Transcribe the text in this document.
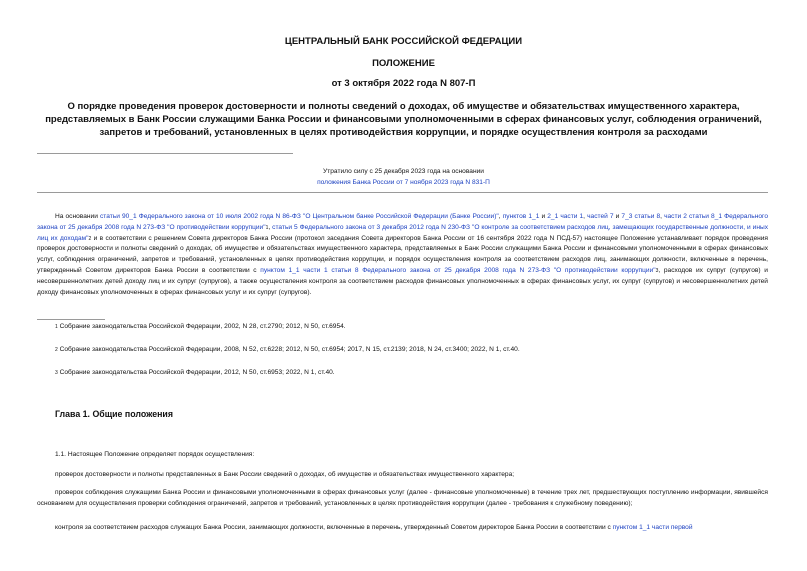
ЦЕНТРАЛЬНЫЙ БАНК РОССИЙСКОЙ ФЕДЕРАЦИИ
ПОЛОЖЕНИЕ
от 3 октября 2022 года N 807-П
О порядке проведения проверок достоверности и полноты сведений о доходах, об имуществе и обязательствах имущественного характера, представляемых в Банк России служащими Банка России и финансовыми уполномоченными в сферах финансовых услуг, соблюдения ограничений, запретов и требований, установленных в целях противодействия коррупции, и порядке осуществления контроля за расходами
Утратило силу с 25 декабря 2023 года на основании
положения Банка России от 7 ноября 2023 года N 831-П
На основании статьи 90_1 Федерального закона от 10 июля 2002 года N 86-ФЗ "О Центральном банке Российской Федерации (Банке России)", пунктов 1_1 и 2_1 части 1, частей 7 и 7_3 статьи 8, части 2 статьи 8_1 Федерального закона от 25 декабря 2008 года N 273-ФЗ "О противодействии коррупции"$^1$, статьи 5 Федерального закона от 3 декабря 2012 года N 230-ФЗ "О контроле за соответствием расходов лиц, замещающих государственные должности, и иных лиц их доходам"$^2$ и в соответствии с решением Совета директоров Банка России (протокол заседания Совета директоров Банка России от 16 сентября 2022 года N ПСД-57) настоящее Положение устанавливает порядок проведения проверок достоверности и полноты сведений о доходах, об имуществе и обязательствах имущественного характера, представляемых в Банк России служащими Банка России и финансовыми уполномоченными в сферах финансовых услуг, соблюдения ограничений, запретов и требований, установленных в целях противодействия коррупции, и порядок осуществления контроля за соответствием расходов лиц, занимающих должности, включенные в перечень, утвержденный Советом директоров Банка России в соответствии с пунктом 1_1 части 1 статьи 8 Федерального закона от 25 декабря 2008 года N 273-ФЗ "О противодействии коррупции"$^3$, расходов их супруг (супругов) и несовершеннолетних детей доходу лиц и их супруг (супругов), а также осуществления контроля за соответствием расходов финансовых уполномоченных в сферах финансовых услуг, их супруг (супругов) и несовершеннолетних детей доходу финансовых уполномоченных в сферах финансовых услуг и их супруг (супругов).
$^1$ Собрание законодательства Российской Федерации, 2002, N 28, ст.2790; 2012, N 50, ст.6954.
$^2$ Собрание законодательства Российской Федерации, 2008, N 52, ст.6228; 2012, N 50, ст.6954; 2017, N 15, ст.2139; 2018, N 24, ст.3400; 2022, N 1, ст.40.
$^3$ Собрание законодательства Российской Федерации, 2012, N 50, ст.6953; 2022, N 1, ст.40.
Глава 1. Общие положения
1.1. Настоящее Положение определяет порядок осуществления:
проверок достоверности и полноты представленных в Банк России сведений о доходах, об имуществе и обязательствах имущественного характера;
проверок соблюдения служащими Банка России и финансовыми уполномоченными в сферах финансовых услуг (далее - финансовые уполномоченные) в течение трех лет, предшествующих поступлению информации, явившейся основанием для осуществления проверки соблюдения ограничений, запретов и требований, установленных в целях противодействия коррупции (далее - требования к служебному поведению);
контроля за соответствием расходов служащих Банка России, занимающих должности, включенные в перечень, утвержденный Советом директоров Банка России в соответствии с пунктом 1_1 части первой
